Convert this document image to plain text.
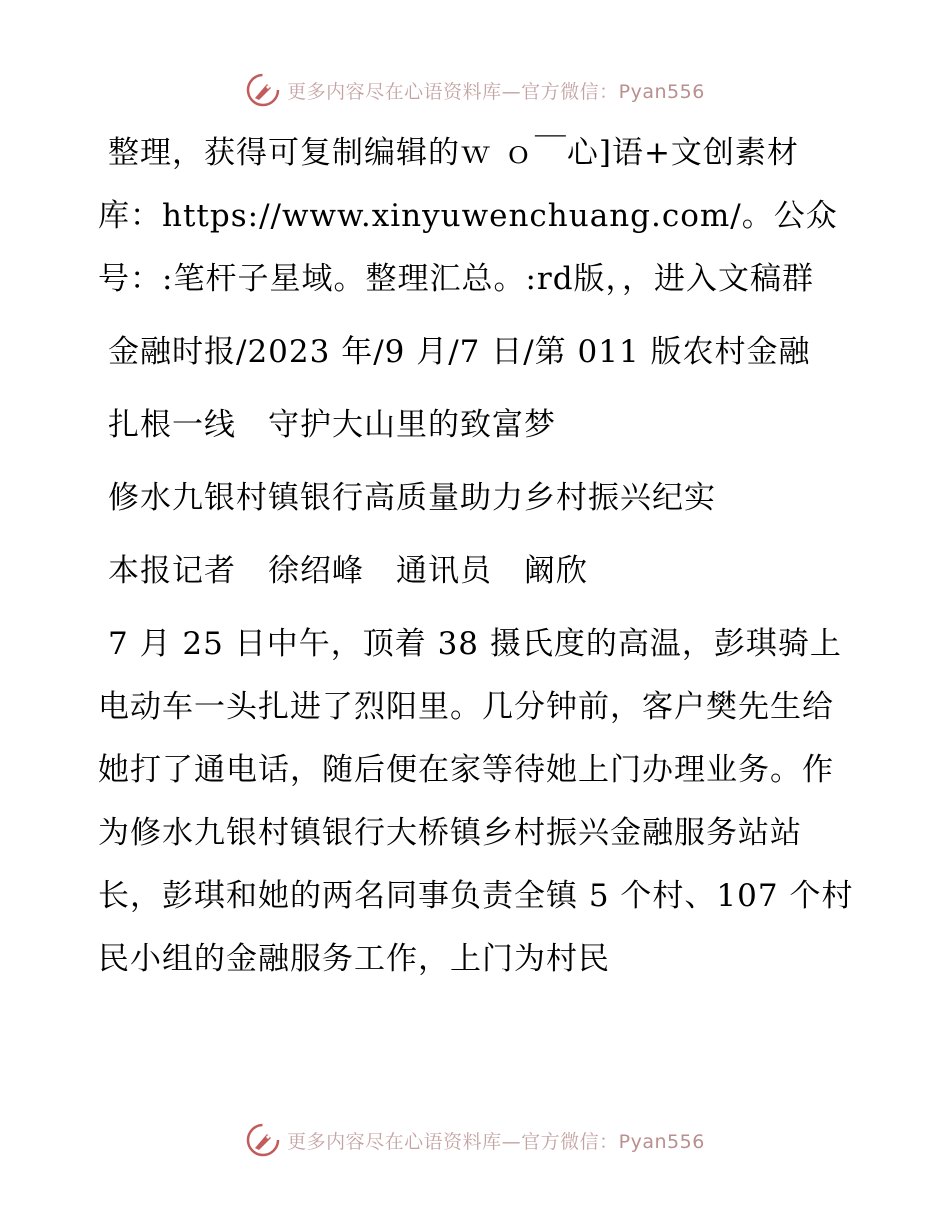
更多内容尽在心语资料库—官方微信：Pyan556

整理，获得可复制编辑的ｗ ｏ￣心]语+文创素材库：https://www.xinyuwenchuang.com/。公众号：:笔杆子星域。整理汇总。:rd版，，进入文稿群

金融时报/2023 年/9 月/7 日/第 011 版农村金融

扎根一线　守护大山里的致富梦

修水九银村镇银行高质量助力乡村振兴纪实

本报记者　徐绍峰　通讯员　阚欣

7 月 25 日中午，顶着 38 摄氏度的高温，彭琪骑上电动车一头扎进了烈阳里。几分钟前，客户樊先生给她打了通电话，随后便在家等待她上门办理业务。作为修水九银村镇银行大桥镇乡村振兴金融服务站站长，彭琪和她的两名同事负责全镇 5 个村、107 个村民小组的金融服务工作，上门为村民

更多内容尽在心语资料库—官方微信：Pyan556
